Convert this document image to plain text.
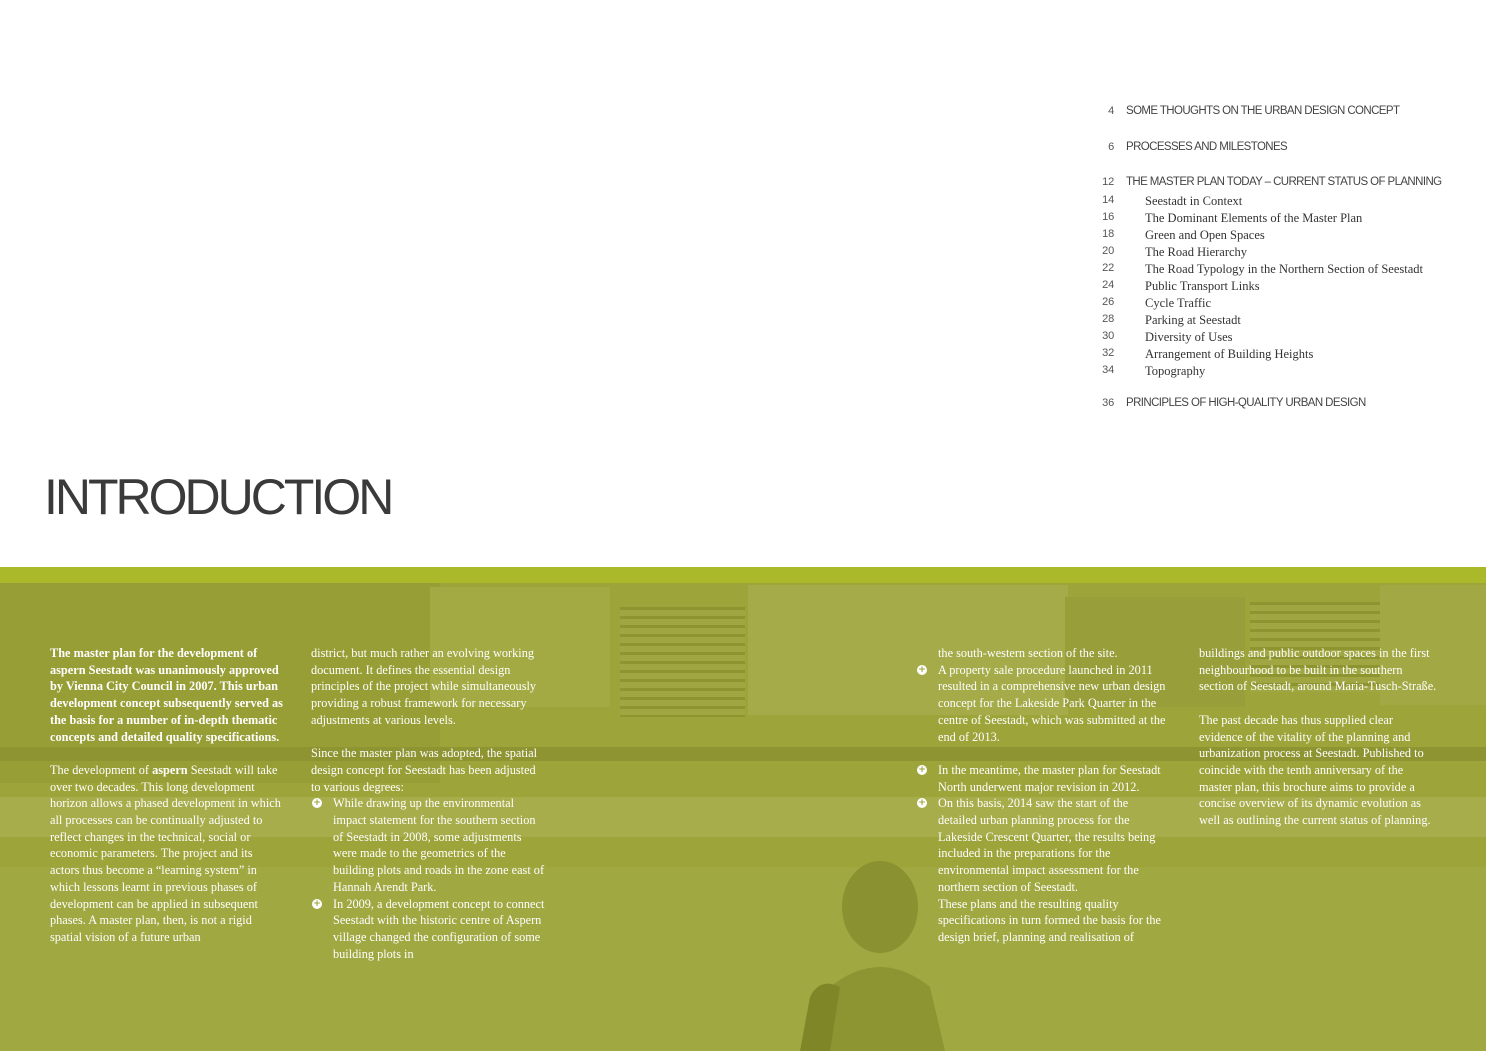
4 SOME THOUGHTS ON THE URBAN DESIGN CONCEPT
6 PROCESSES AND MILESTONES
12 THE MASTER PLAN TODAY – CURRENT STATUS OF PLANNING
14 Seestadt in Context
16 The Dominant Elements of the Master Plan
18 Green and Open Spaces
20 The Road Hierarchy
22 The Road Typology in the Northern Section of Seestadt
24 Public Transport Links
26 Cycle Traffic
28 Parking at Seestadt
30 Diversity of Uses
32 Arrangement of Building Heights
34 Topography
36 PRINCIPLES OF HIGH-QUALITY URBAN DESIGN
INTRODUCTION

The master plan for the development of aspern Seestadt was unanimously approved by Vienna City Council in 2007. This urban development concept subsequently served as the basis for a number of in-depth thematic concepts and detailed quality specifications.

The development of aspern Seestadt will take over two decades. This long development horizon allows a phased development in which all processes can be continually adjusted to reflect changes in the technical, social or economic parameters. The project and its actors thus become a “learning system” in which lessons learnt in previous phases of development can be applied in subsequent phases. A master plan, then, is not a rigid spatial vision of a future urban

district, but much rather an evolving working document. It defines the essential design principles of the project while simultaneously providing a robust framework for necessary adjustments at various levels.

Since the master plan was adopted, the spatial design concept for Seestadt has been adjusted to various degrees:

+ While drawing up the environmental impact statement for the southern section of Seestadt in 2008, some adjustments were made to the geometrics of the building plots and roads in the zone east of Hannah Arendt Park.
+ In 2009, a development concept to connect Seestadt with the historic centre of Aspern village changed the configuration of some building plots in
the south-western section of the site.
+ A property sale procedure launched in 2011 resulted in a comprehensive new urban design concept for the Lakeside Park Quarter in the centre of Seestadt, which was submitted at the end of 2013.
+ In the meantime, the master plan for Seestadt North underwent major revision in 2012.
+ On this basis, 2014 saw the start of the detailed urban planning process for the Lakeside Crescent Quarter, the results being included in the preparations for the environmental impact assessment for the northern section of Seestadt.
These plans and the resulting quality specifications in turn formed the basis for the design brief, planning and realisation of

buildings and public outdoor spaces in the first neighbourhood to be built in the southern section of Seestadt, around Maria-Tusch-Straße.

The past decade has thus supplied clear evidence of the vitality of the planning and urbanization process at Seestadt. Published to coincide with the tenth anniversary of the master plan, this brochure aims to provide a concise overview of its dynamic evolution as well as outlining the current status of planning.
